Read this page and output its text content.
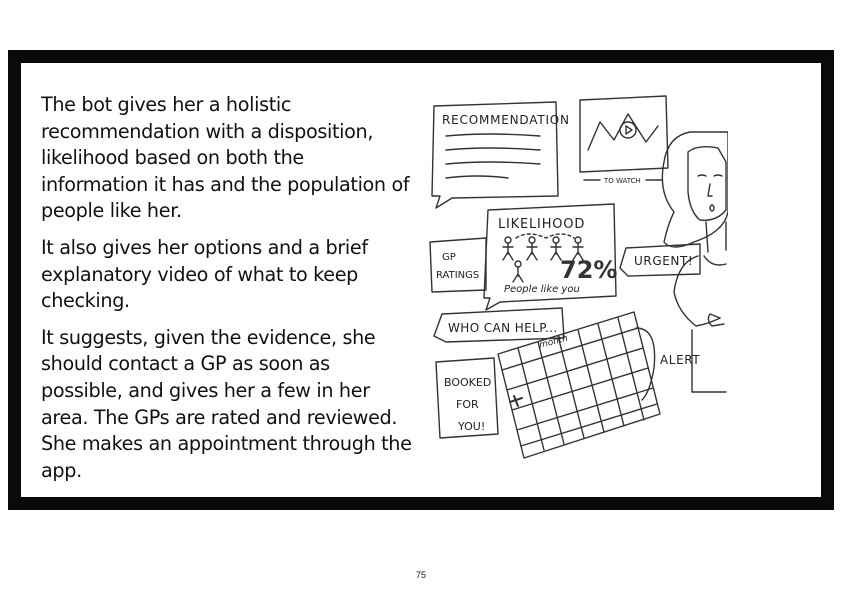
The bot gives her a holistic recommendation with a disposition, likelihood based on both the information it has and the population of people like her.

It also gives her options and a brief explanatory video of what to keep checking.

It suggests, given the evidence, she should contact a GP as soon as possible, and gives her a few in her area. The GPs are rated and reviewed. She makes an appointment through the app.

RECOMMENDATION
TO WATCH
LIKELIHOOD
72%
People like you
GP
RATINGS
URGENT!
WHO CAN HELP...
month
ALERT
BOOKED
FOR
YOU!
75
